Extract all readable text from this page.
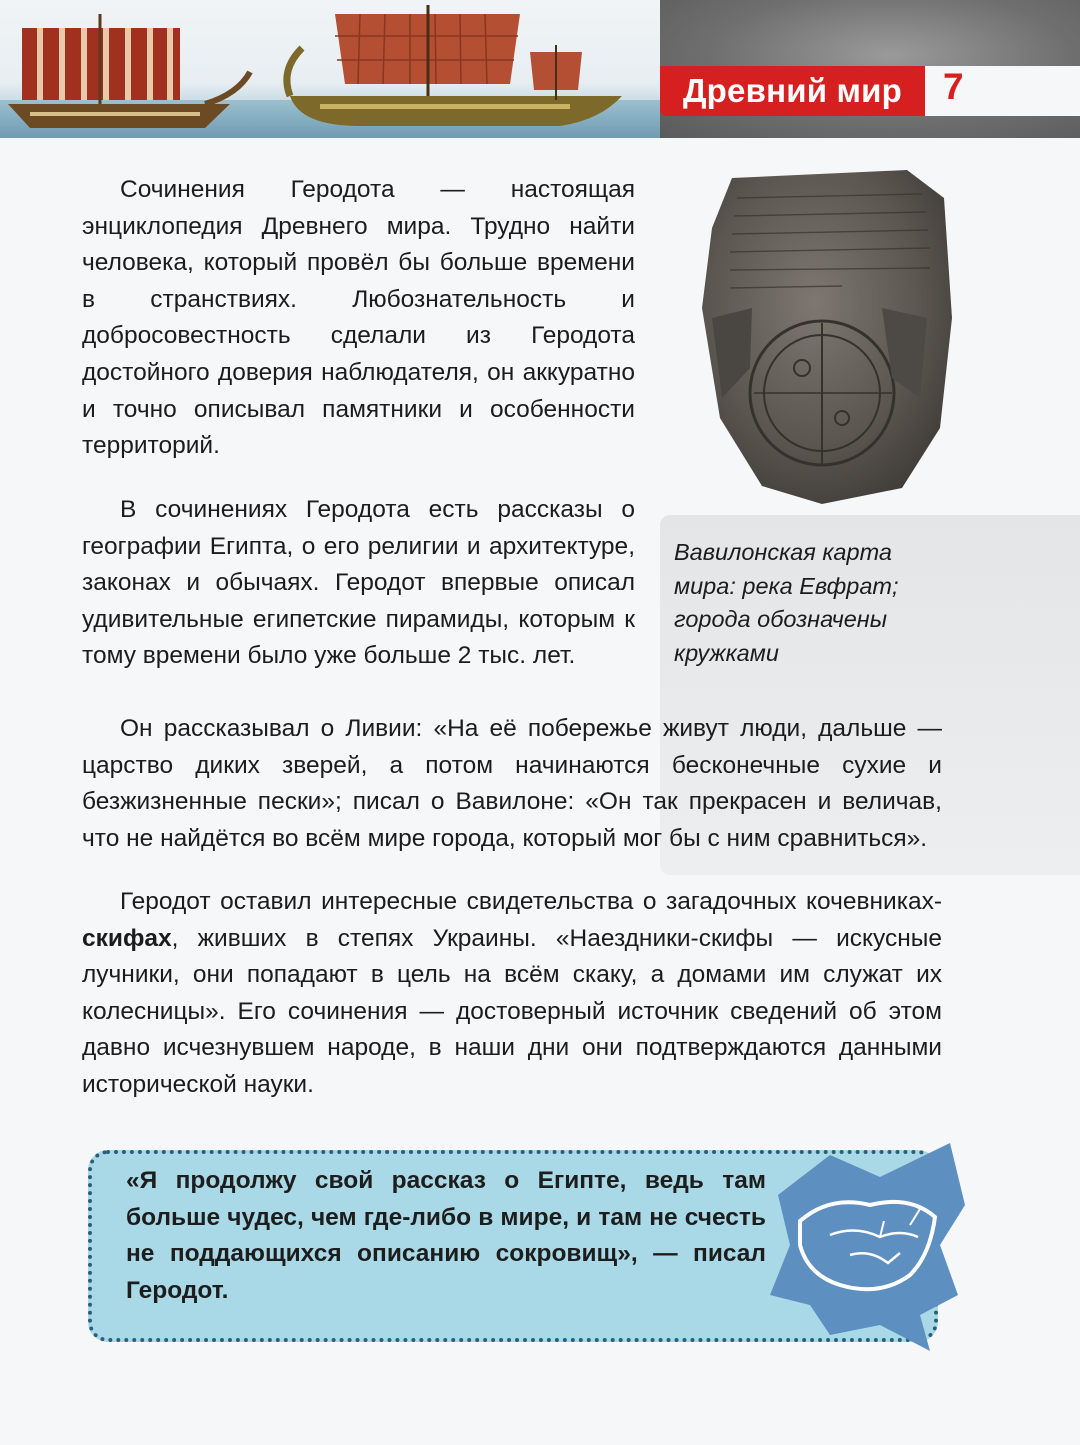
Древний мир	7

Вавилонская карта мира: река Евфрат; города обозначены кружками

Сочинения Геродота — настоящая энциклопедия Древнего мира. Трудно найти человека, который провёл бы больше времени в странствиях. Любознательность и добросовестность сделали из Геродота достойного доверия наблюдателя, он аккуратно и точно описывал памятники и особенности территорий.

В сочинениях Геродота есть рассказы о географии Египта, о его религии и архитектуре, законах и обычаях. Геродот впервые описал удивительные египетские пирамиды, которым к тому времени было уже больше 2 тыс. лет.

Он рассказывал о Ливии: «На её побережье живут люди, дальше — царство диких зверей, а потом начинаются бесконечные сухие и безжизненные пески»; писал о Вавилоне: «Он так прекрасен и величав, что не найдётся во всём мире города, который мог бы с ним сравниться».

Геродот оставил интересные свидетельства о загадочных кочевниках-скифах, живших в степях Украины. «Наездники-скифы — искусные лучники, они попадают в цель на всём скаку, а домами им служат их колесницы». Его сочинения — достоверный источник сведений об этом давно исчезнувшем народе, в наши дни они подтверждаются данными исторической науки.

«Я продолжу свой рассказ о Египте, ведь там больше чудес, чем где-либо в мире, и там не счесть не поддающихся описанию сокровищ», — писал Геродот.
